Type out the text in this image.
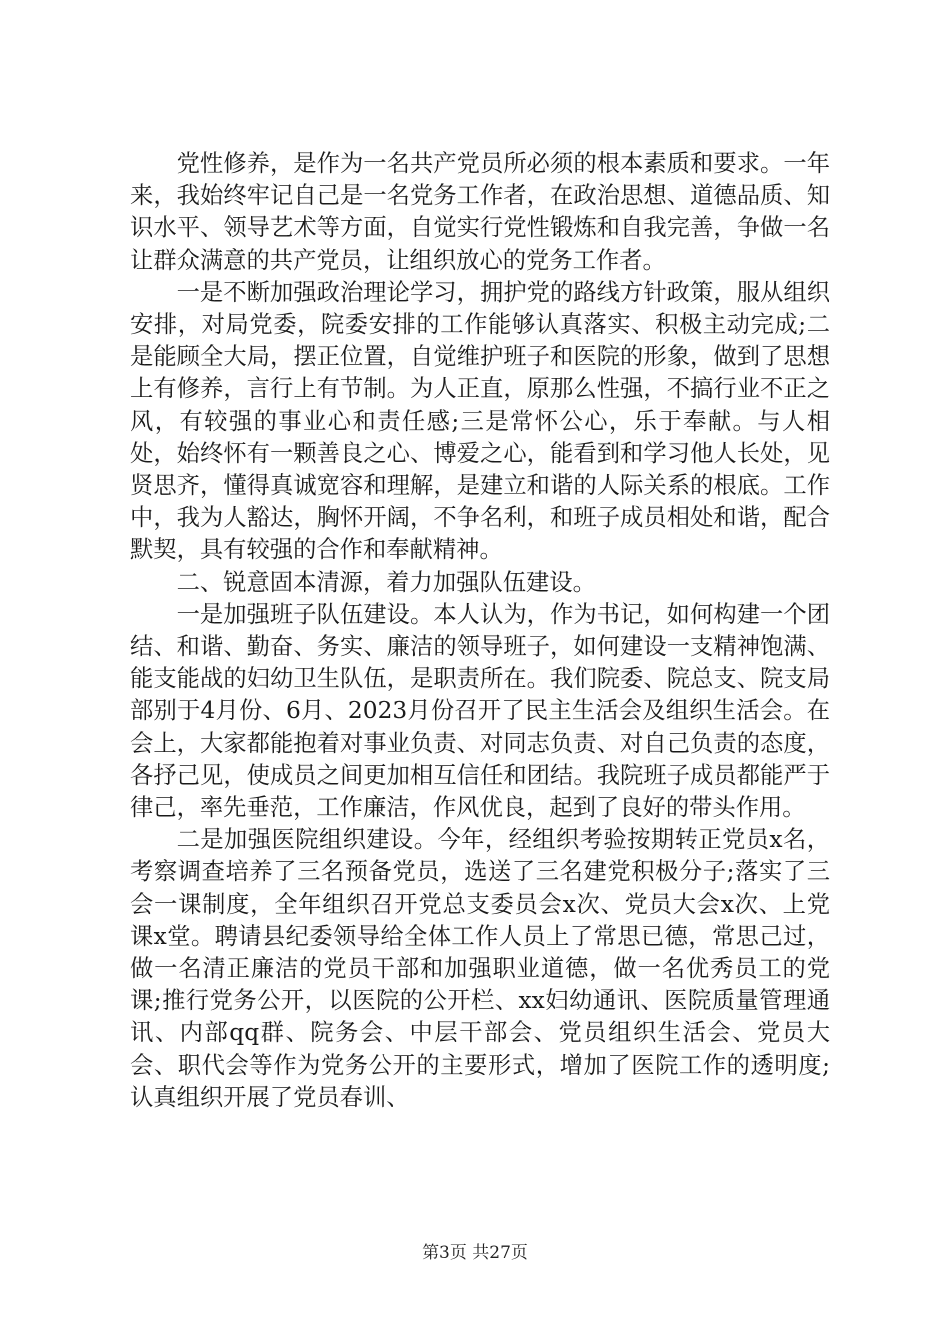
党性修养，是作为一名共产党员所必须的根本素质和要求。一年来，我始终牢记自己是一名党务工作者，在政治思想、道德品质、知识水平、领导艺术等方面，自觉实行党性锻炼和自我完善，争做一名让群众满意的共产党员，让组织放心的党务工作者。

一是不断加强政治理论学习，拥护党的路线方针政策，服从组织安排，对局党委，院委安排的工作能够认真落实、积极主动完成;二是能顾全大局，摆正位置，自觉维护班子和医院的形象，做到了思想上有修养，言行上有节制。为人正直，原那么性强，不搞行业不正之风，有较强的事业心和责任感;三是常怀公心，乐于奉献。与人相处，始终怀有一颗善良之心、博爱之心，能看到和学习他人长处，见贤思齐，懂得真诚宽容和理解，是建立和谐的人际关系的根底。工作中，我为人豁达，胸怀开阔，不争名利，和班子成员相处和谐，配合默契，具有较强的合作和奉献精神。

二、锐意固本清源，着力加强队伍建设。

一是加强班子队伍建设。本人认为，作为书记，如何构建一个团结、和谐、勤奋、务实、廉洁的领导班子，如何建设一支精神饱满、能支能战的妇幼卫生队伍，是职责所在。我们院委、院总支、院支局部别于4月份、6月、2023月份召开了民主生活会及组织生活会。在会上，大家都能抱着对事业负责、对同志负责、对自己负责的态度，各抒己见，使成员之间更加相互信任和团结。我院班子成员都能严于律己，率先垂范，工作廉洁，作风优良，起到了良好的带头作用。

二是加强医院组织建设。今年，经组织考验按期转正党员x名，考察调查培养了三名预备党员，选送了三名建党积极分子;落实了三会一课制度，全年组织召开党总支委员会x次、党员大会x次、上党课x堂。聘请县纪委领导给全体工作人员上了常思已德，常思己过，做一名清正廉洁的党员干部和加强职业道德，做一名优秀员工的党课;推行党务公开，以医院的公开栏、xx妇幼通讯、医院质量管理通讯、内部qq群、院务会、中层干部会、党员组织生活会、党员大会、职代会等作为党务公开的主要形式，增加了医院工作的透明度;认真组织开展了党员春训、

第3页 共27页
